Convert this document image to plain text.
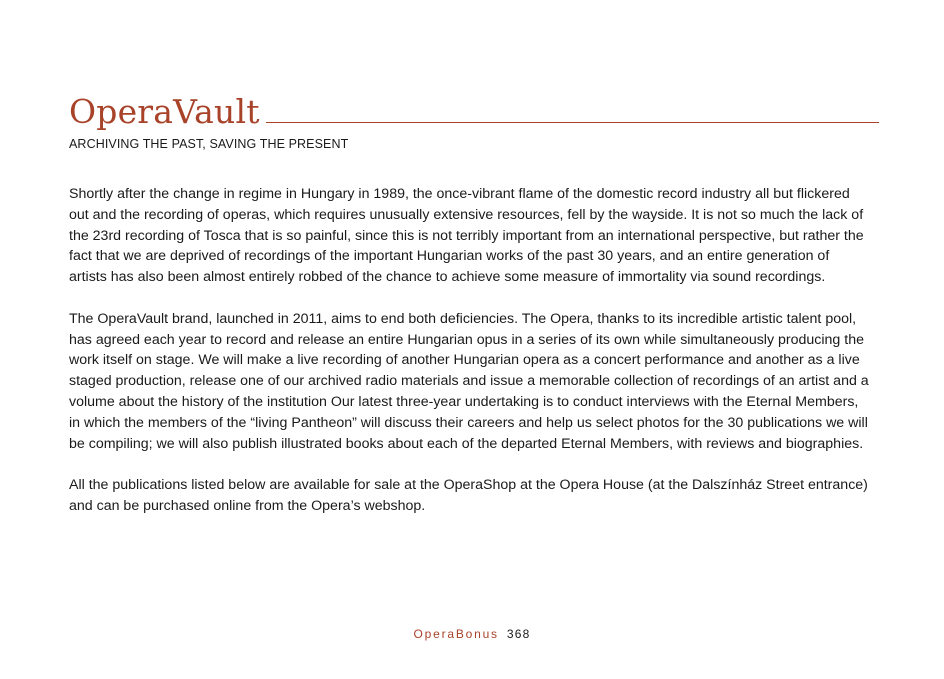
OperaVault
ARCHIVING THE PAST, SAVING THE PRESENT

Shortly after the change in regime in Hungary in 1989, the once-vibrant flame of the domestic record industry all but flickered out and the recording of operas, which requires unusually extensive resources, fell by the wayside. It is not so much the lack of the 23rd recording of Tosca that is so painful, since this is not terribly important from an international perspective, but rather the fact that we are deprived of recordings of the important Hungarian works of the past 30 years, and an entire generation of artists has also been almost entirely robbed of the chance to achieve some measure of immortality via sound recordings.

The OperaVault brand, launched in 2011, aims to end both deficiencies. The Opera, thanks to its incredible artistic talent pool, has agreed each year to record and release an entire Hungarian opus in a series of its own while simultaneously producing the work itself on stage. We will make a live recording of another Hungarian opera as a concert performance and another as a live staged production, release one of our archived radio materials and issue a memorable collection of recordings of an artist and a volume about the history of the institution Our latest three-year undertaking is to conduct interviews with the Eternal Members, in which the members of the “living Pantheon” will discuss their careers and help us select photos for the 30 publications we will be compiling; we will also publish illustrated books about each of the departed Eternal Members, with reviews and biographies.

All the publications listed below are available for sale at the OperaShop at the Opera House (at the Dalszínház Street entrance) and can be purchased online from the Opera’s webshop.

OperaBonus 368
